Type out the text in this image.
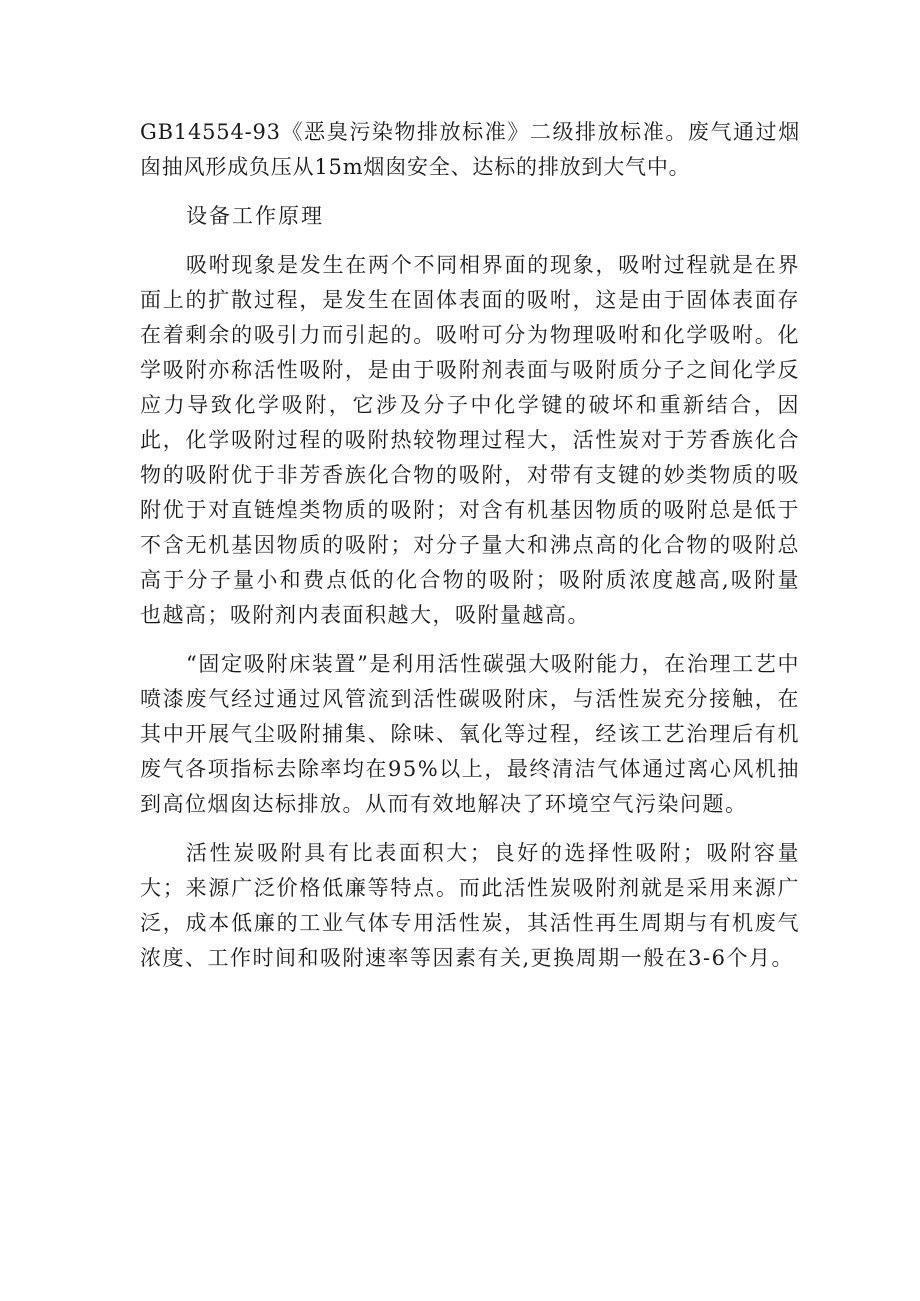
GB14554-93《恶臭污染物排放标准》二级排放标准。废气通过烟囱抽风形成负压从15m烟囱安全、达标的排放到大气中。

设备工作原理

吸咐现象是发生在两个不同相界面的现象，吸咐过程就是在界面上的扩散过程，是发生在固体表面的吸咐，这是由于固体表面存在着剩余的吸引力而引起的。吸咐可分为物理吸咐和化学吸咐。化学吸附亦称活性吸附，是由于吸附剂表面与吸附质分子之间化学反应力导致化学吸附，它涉及分子中化学键的破坏和重新结合，因此，化学吸附过程的吸附热较物理过程大，活性炭对于芳香族化合物的吸附优于非芳香族化合物的吸附，对带有支键的妙类物质的吸附优于对直链煌类物质的吸附；对含有机基因物质的吸附总是低于不含无机基因物质的吸附；对分子量大和沸点高的化合物的吸附总高于分子量小和费点低的化合物的吸附；吸附质浓度越高,吸附量也越高；吸附剂内表面积越大，吸附量越高。

“固定吸附床装置”是利用活性碳强大吸附能力，在治理工艺中喷漆废气经过通过风管流到活性碳吸附床，与活性炭充分接触，在其中开展气尘吸附捕集、除味、氧化等过程，经该工艺治理后有机废气各项指标去除率均在95%以上，最终清洁气体通过离心风机抽到高位烟囱达标排放。从而有效地解决了环境空气污染问题。

活性炭吸附具有比表面积大；良好的选择性吸附；吸附容量大；来源广泛价格低廉等特点。而此活性炭吸附剂就是采用来源广泛，成本低廉的工业气体专用活性炭，其活性再生周期与有机废气浓度、工作时间和吸附速率等因素有关,更换周期一般在3-6个月。
